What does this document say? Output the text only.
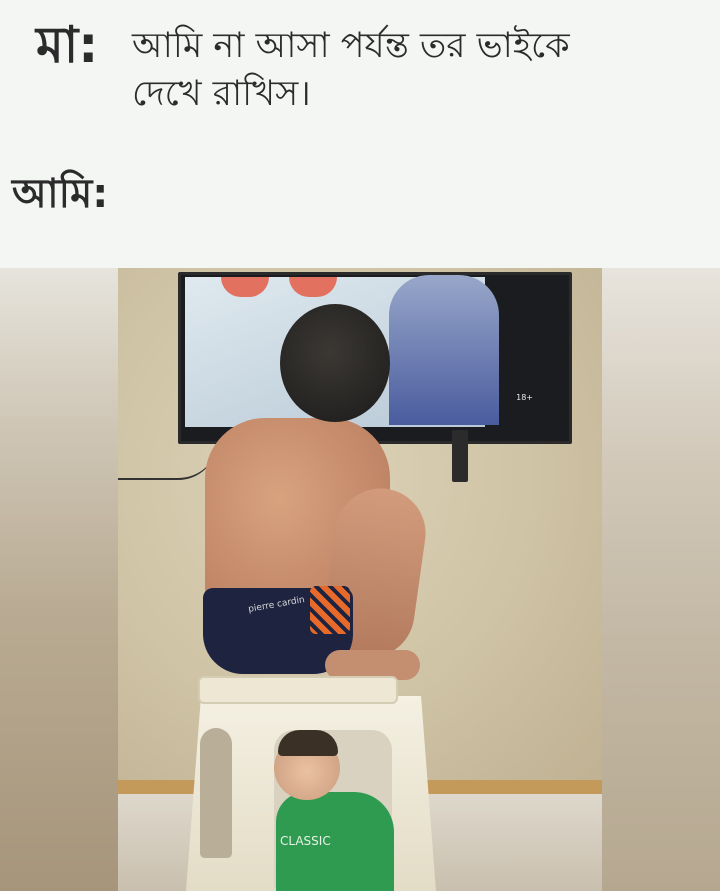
মা: আমি না আসা পর্যন্ত তর ভাইকে
দেখে রাখিস।
আমি:
18+
pierre cardin
CLASSIC
